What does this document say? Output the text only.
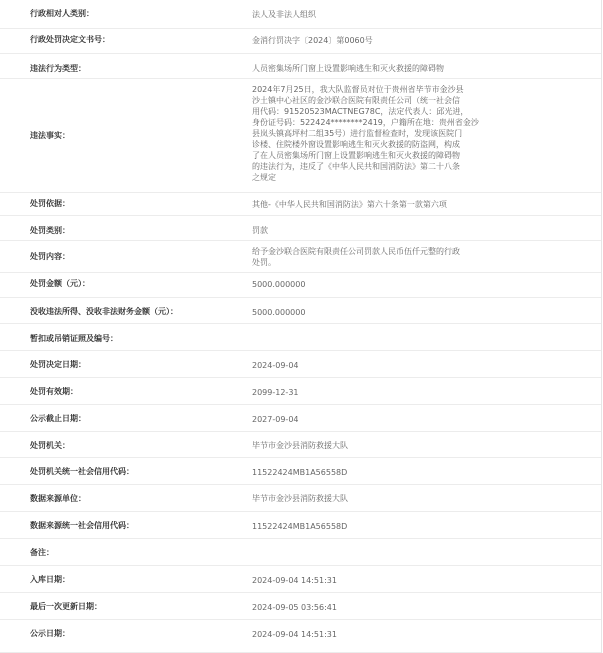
行政相对人类别：	法人及非法人组织
行政处罚决定文书号：	金消行罚决字〔2024〕第0060号
违法行为类型：	人员密集场所门窗上设置影响逃生和灭火救援的障碍物
违法事实：
2024年7月25日，我大队监督员对位于贵州省毕节市金沙县
沙土镇中心社区的金沙联合医院有限责任公司（统一社会信
用代码：91520523MACTNEG78C，法定代表人：邱光进，
身份证号码：522424********2419，户籍所在地：贵州省金沙
县岚头镇高坪村二组35号）进行监督检查时，发现该医院门
诊楼、住院楼外窗设置影响逃生和灭火救援的防盗网，构成
了在人员密集场所门窗上设置影响逃生和灭火救援的障碍物
的违法行为，违反了《中华人民共和国消防法》第二十八条
之规定
处罚依据：	其他-《中华人民共和国消防法》第六十条第一款第六项
处罚类别：	罚款
处罚内容：
给予金沙联合医院有限责任公司罚款人民币伍仟元整的行政
处罚。
处罚金额（元）：	5000.000000
没收违法所得、没收非法财务金额（元）：	5000.000000
暂扣或吊销证照及编号：
处罚决定日期：	2024-09-04
处罚有效期：	2099-12-31
公示截止日期：	2027-09-04
处罚机关：	毕节市金沙县消防救援大队
处罚机关统一社会信用代码：	11522424MB1A56558D
数据来源单位：	毕节市金沙县消防救援大队
数据来源统一社会信用代码：	11522424MB1A56558D
备注：
入库日期：	2024-09-04 14:51:31
最后一次更新日期：	2024-09-05 03:56:41
公示日期：	2024-09-04 14:51:31
